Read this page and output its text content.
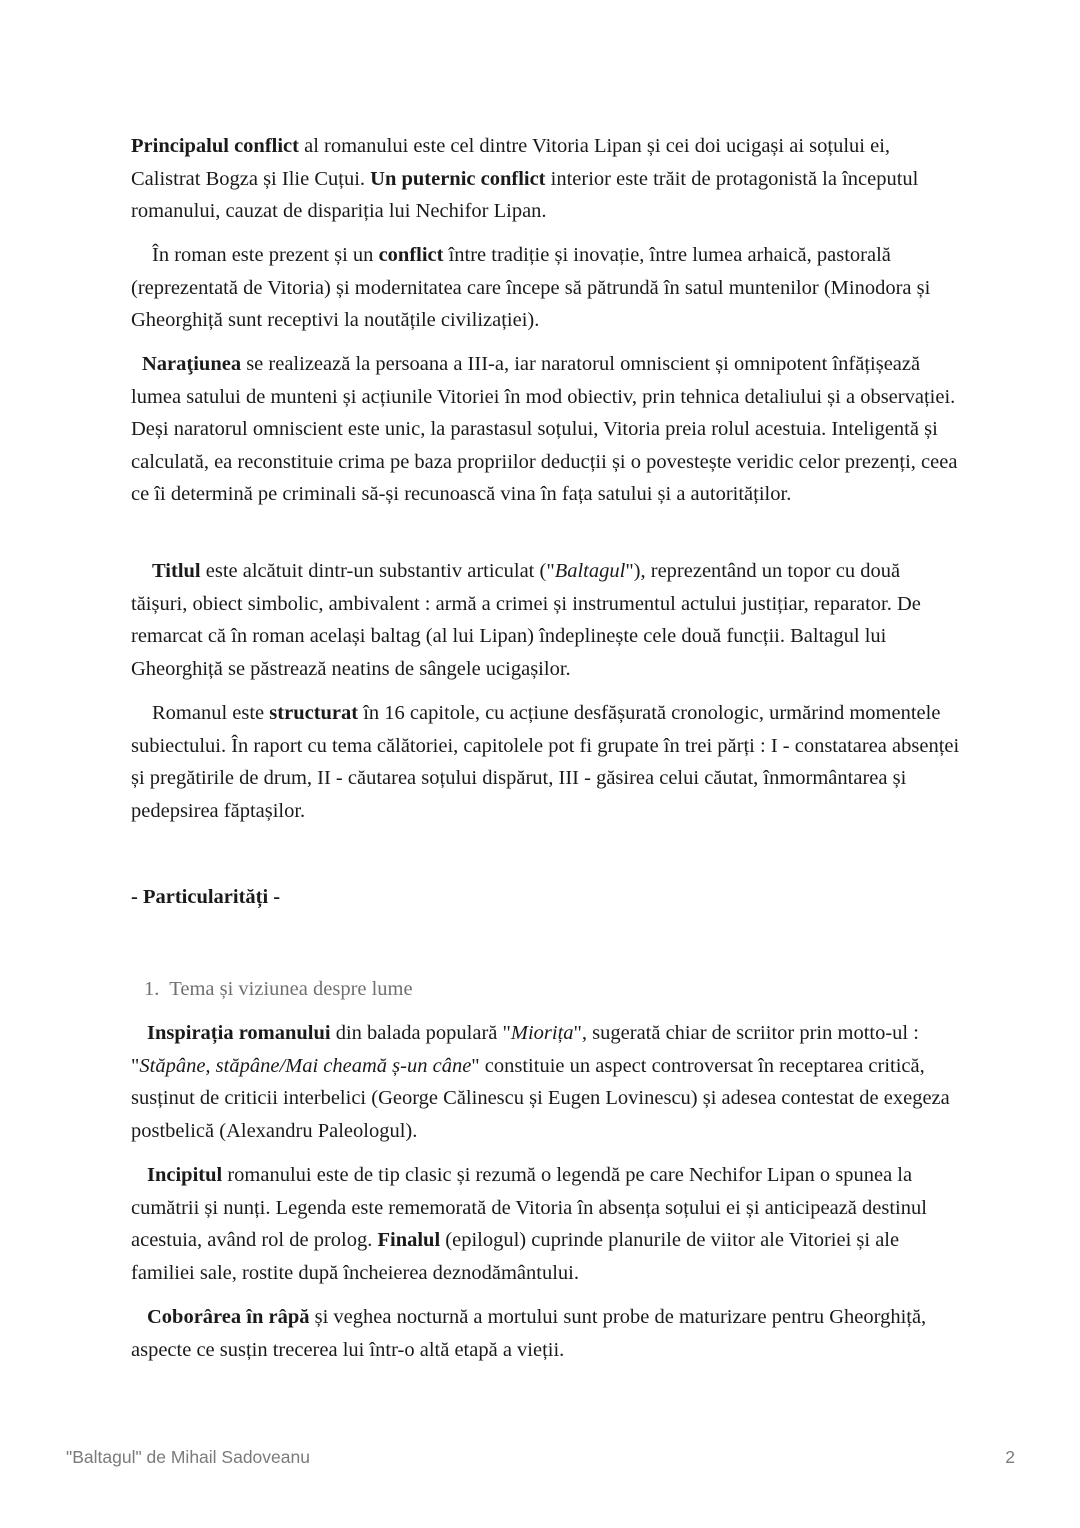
Principalul conflict al romanului este cel dintre Vitoria Lipan și cei doi ucigași ai soțului ei, Calistrat Bogza și Ilie Cuțui. Un puternic conflict interior este trăit de protagonistă la începutul romanului, cauzat de dispariția lui Nechifor Lipan.

În roman este prezent și un conflict între tradiție și inovație, între lumea arhaică, pastorală (reprezentată de Vitoria) și modernitatea care începe să pătrundă în satul muntenilor (Minodora și Gheorghiță sunt receptivi la noutățile civilizației).

Naraţiunea se realizează la persoana a III-a, iar naratorul omniscient și omnipotent înfățișează lumea satului de munteni și acțiunile Vitoriei în mod obiectiv, prin tehnica detaliului și a observației. Deși naratorul omniscient este unic, la parastasul soțului, Vitoria preia rolul acestuia. Inteligentă și calculată, ea reconstituie crima pe baza propriilor deducții și o povestește veridic celor prezenți, ceea ce îi determină pe criminali să-și recunoască vina în fața satului și a autorităților.

Titlul este alcătuit dintr-un substantiv articulat ("Baltagul"), reprezentând un topor cu două tăișuri, obiect simbolic, ambivalent : armă a crimei și instrumentul actului justițiar, reparator. De remarcat că în roman același baltag (al lui Lipan) îndeplinește cele două funcții. Baltagul lui Gheorghiță se păstrează neatins de sângele ucigașilor.

Romanul este structurat în 16 capitole, cu acțiune desfășurată cronologic, urmărind momentele subiectului. În raport cu tema călătoriei, capitolele pot fi grupate în trei părți : I - constatarea absenței și pregătirile de drum, II - căutarea soțului dispărut, III - găsirea celui căutat, înmormântarea și pedepsirea făptașilor.

- Particularități -

1. Tema și viziunea despre lume

Inspirația romanului din balada populară "Miorița", sugerată chiar de scriitor prin motto-ul : "Stăpâne, stăpâne/Mai cheamă ș-un câne" constituie un aspect controversat în receptarea critică, susținut de criticii interbelici (George Călinescu și Eugen Lovinescu) și adesea contestat de exegeza postbelică (Alexandru Paleologul).

Incipitul romanului este de tip clasic și rezumă o legendă pe care Nechifor Lipan o spunea la cumătrii și nunți. Legenda este rememorată de Vitoria în absența soțului ei și anticipează destinul acestuia, având rol de prolog. Finalul (epilogul) cuprinde planurile de viitor ale Vitoriei și ale familiei sale, rostite după încheierea deznodământului.

Coborârea în râpă și veghea nocturnă a mortului sunt probe de maturizare pentru Gheorghiță, aspecte ce susțin trecerea lui într-o altă etapă a vieții.

"Baltagul" de Mihail Sadoveanu	2
